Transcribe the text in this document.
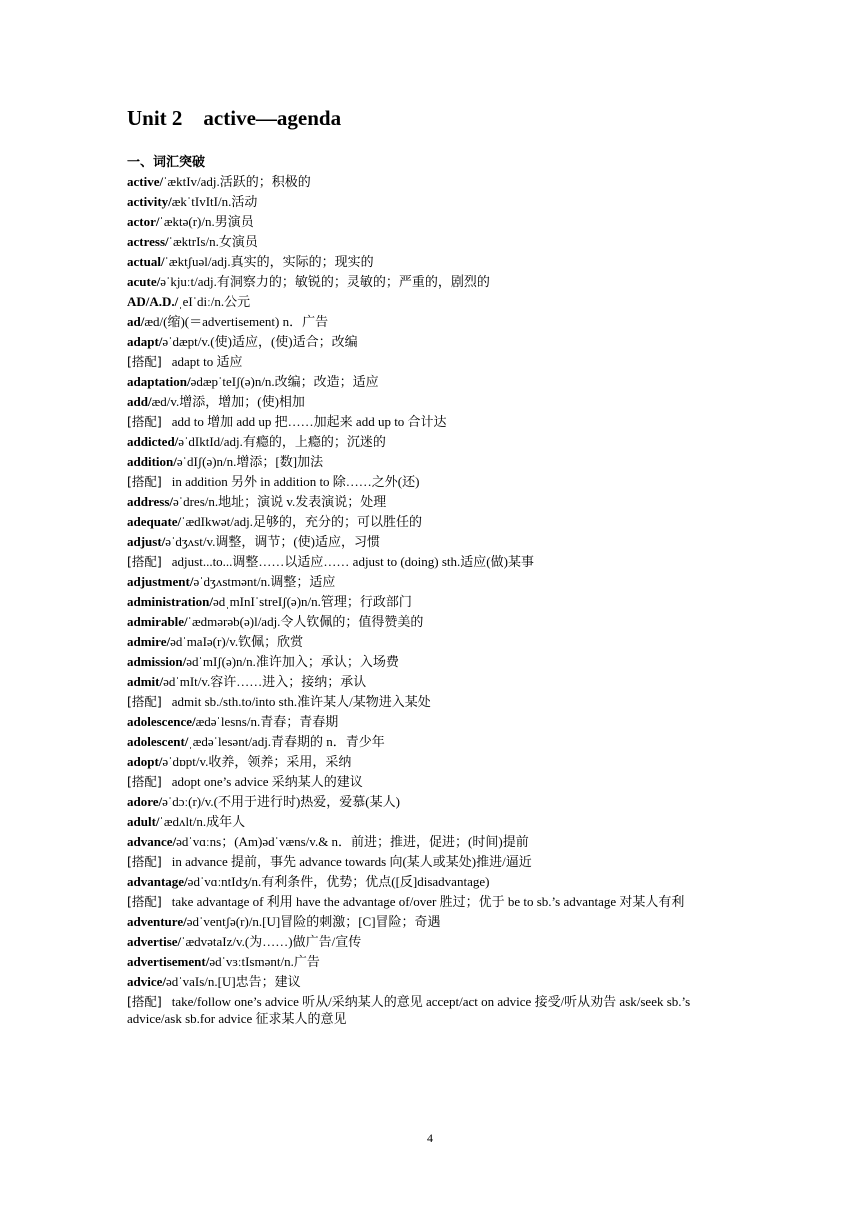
Unit 2    active—agenda
一、词汇突破
active/ˈæktIv/adj.活跃的；积极的
activity/ækˈtIvItI/n.活动
actor/ˈæktə(r)/n.男演员
actress/ˈæktrIs/n.女演员
actual/ˈæktʃuəl/adj.真实的，实际的；现实的
acute/əˈkjuːt/adj.有洞察力的；敏锐的；灵敏的；严重的，剧烈的
AD/A.D./ˌeIˈdiː/n.公元
ad/æd/(缩)(＝advertisement) n．广告
adapt/əˈdæpt/v.(使)适应，(使)适合；改编
[搭配] adapt to 适应
adaptation/ədæpˈteIʃ(ə)n/n.改编；改造；适应
add/æd/v.增添，增加；(使)相加
[搭配] add to 增加 add up 把……加起来 add up to 合计达
addicted/əˈdIktId/adj.有瘾的，上瘾的；沉迷的
addition/əˈdIʃ(ə)n/n.增添；[数]加法
[搭配] in addition 另外 in addition to 除……之外(还)
address/əˈdres/n.地址；演说 v.发表演说；处理
adequate/ˈædIkwət/adj.足够的，充分的；可以胜任的
adjust/əˈdʒʌst/v.调整，调节；(使)适应，习惯
[搭配] adjust...to...调整……以适应…… adjust to (doing) sth.适应(做)某事
adjustment/əˈdʒʌstmənt/n.调整；适应
administration/ədˌmInIˈstreIʃ(ə)n/n.管理；行政部门
admirable/ˈædmərəb(ə)l/adj.令人钦佩的；值得赞美的
admire/ədˈmaIə(r)/v.钦佩；欣赏
admission/ədˈmIʃ(ə)n/n.准许加入；承认；入场费
admit/ədˈmIt/v.容许……进入；接纳；承认
[搭配] admit sb./sth.to/into sth.准许某人/某物进入某处
adolescence/ædəˈlesns/n.青春；青春期
adolescent/ˌædəˈlesənt/adj.青春期的 n．青少年
adopt/əˈdɒpt/v.收养，领养；采用，采纳
[搭配] adopt one’s advice 采纳某人的建议
adore/əˈdɔː(r)/v.(不用于进行时)热爱，爱慕(某人)
adult/ˈædʌlt/n.成年人
advance/ədˈvɑːns；(Am)ədˈvæns/v.& n．前进；推进，促进；(时间)提前
[搭配] in advance 提前，事先 advance towards 向(某人或某处)推进/逼近
advantage/ədˈvɑːntIdʒ/n.有利条件，优势；优点([反]disadvantage)
[搭配] take advantage of 利用 have the advantage of/over 胜过；优于 be to sb.’s advantage 对某人有利
adventure/ədˈventʃə(r)/n.[U]冒险的刺激；[C]冒险；奇遇
advertise/ˈædvətaIz/v.(为……)做广告/宣传
advertisement/ədˈvɜːtIsmənt/n.广告
advice/ədˈvaIs/n.[U]忠告；建议
[搭配] take/follow one’s advice 听从/采纳某人的意见 accept/act on advice 接受/听从劝告 ask/seek sb.’s advice/ask sb.for advice 征求某人的意见
4
